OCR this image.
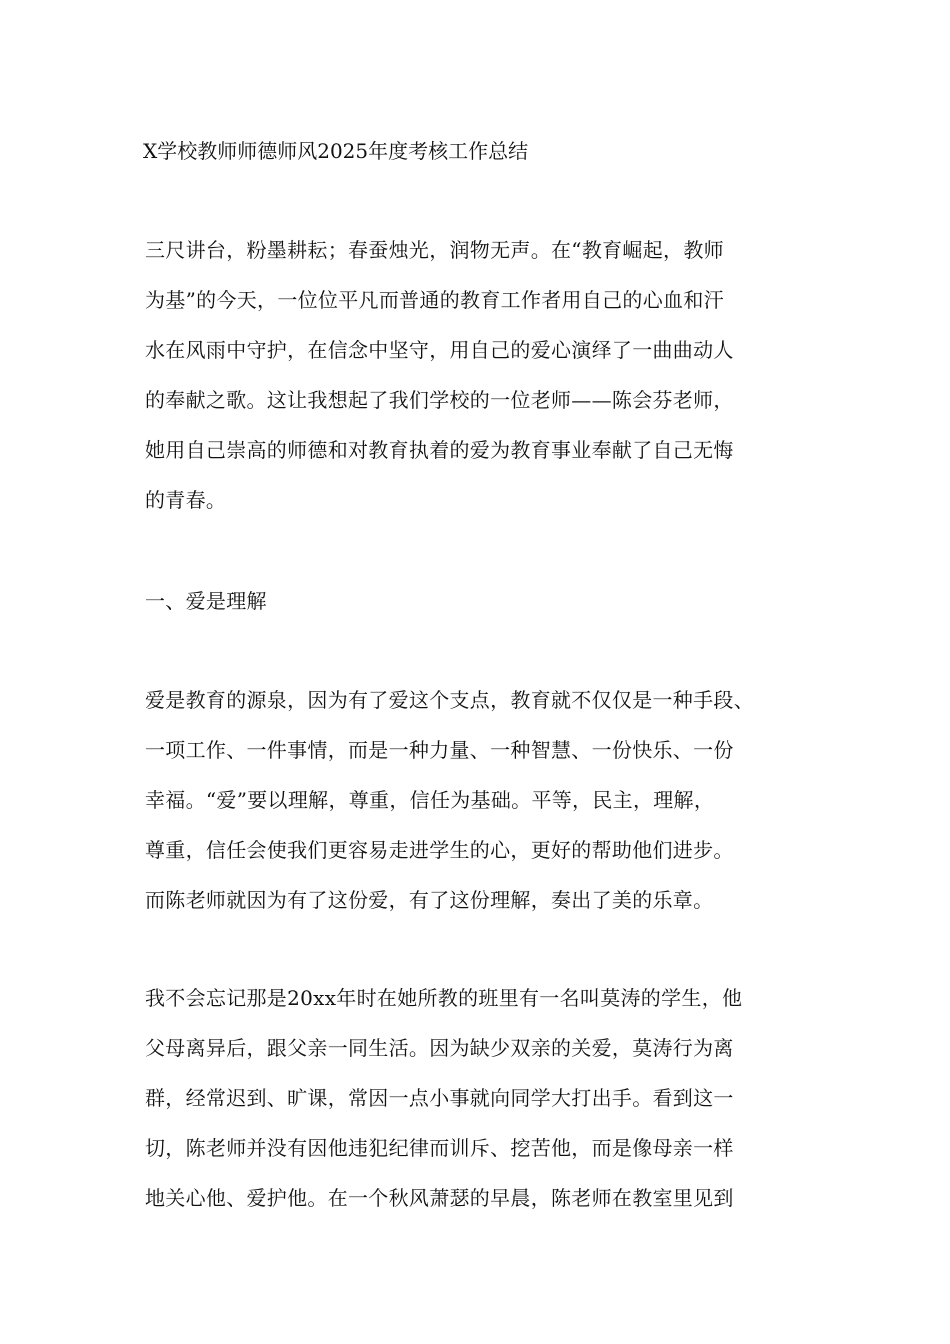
X学校教师师德师风2025年度考核工作总结
三尺讲台，粉墨耕耘；春蚕烛光，润物无声。在“教育崛起，教师
为基”的今天，一位位平凡而普通的教育工作者用自己的心血和汗
水在风雨中守护，在信念中坚守，用自己的爱心演绎了一曲曲动人
的奉献之歌。这让我想起了我们学校的一位老师——陈会芬老师，
她用自己崇高的师德和对教育执着的爱为教育事业奉献了自己无悔
的青春。
一、爱是理解
爱是教育的源泉，因为有了爱这个支点，教育就不仅仅是一种手段、
一项工作、一件事情，而是一种力量、一种智慧、一份快乐、一份
幸福。“爱”要以理解，尊重，信任为基础。平等，民主，理解，
尊重，信任会使我们更容易走进学生的心，更好的帮助他们进步。
而陈老师就因为有了这份爱，有了这份理解，奏出了美的乐章。
我不会忘记那是20xx年时在她所教的班里有一名叫莫涛的学生，他
父母离异后，跟父亲一同生活。因为缺少双亲的关爱，莫涛行为离
群，经常迟到、旷课，常因一点小事就向同学大打出手。看到这一
切，陈老师并没有因他违犯纪律而训斥、挖苦他，而是像母亲一样
地关心他、爱护他。在一个秋风萧瑟的早晨，陈老师在教室里见到
